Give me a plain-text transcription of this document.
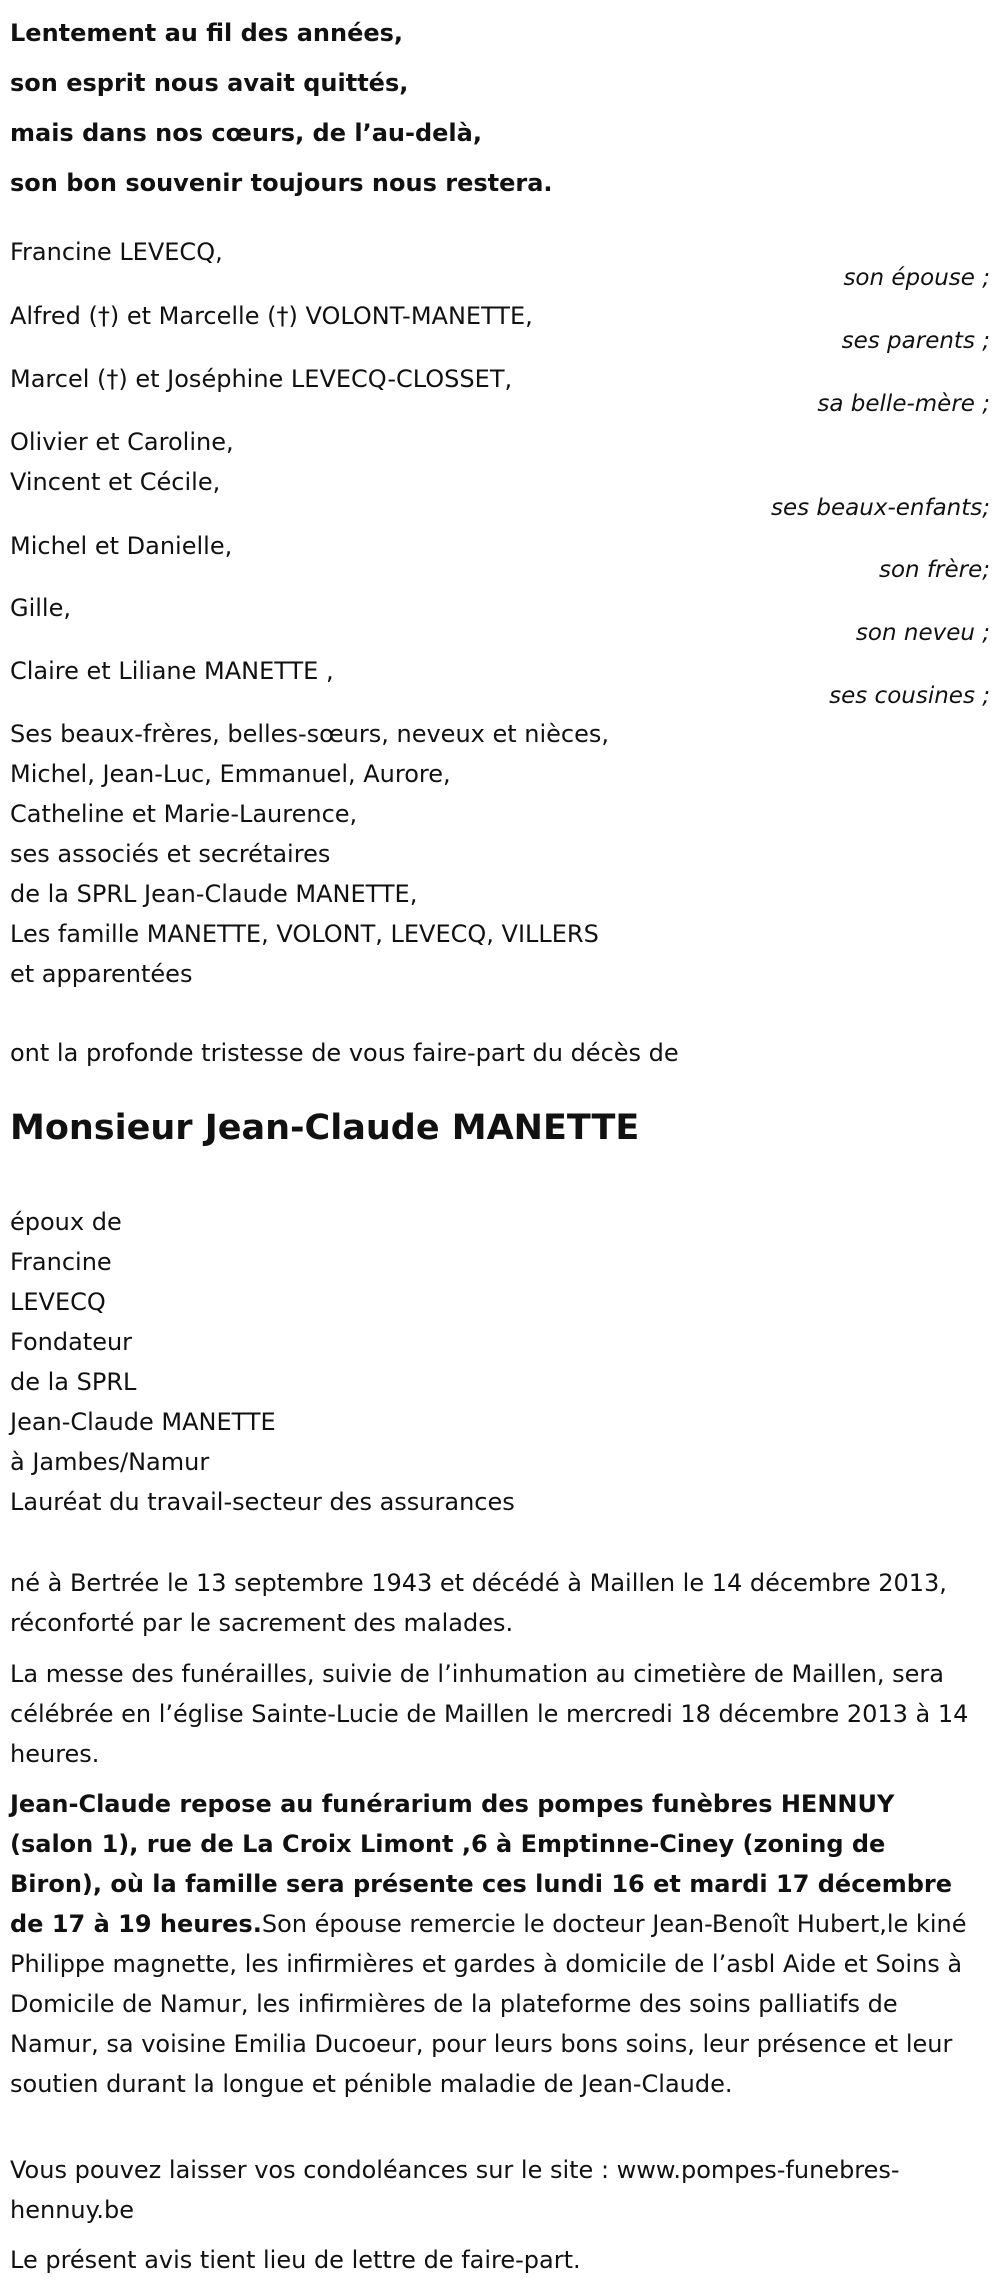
Lentement au fil des années,
son esprit nous avait quittés,
mais dans nos cœurs, de l’au-delà,
son bon souvenir toujours nous restera.
Francine LEVECQ,
son épouse ;
Alfred (†) et Marcelle (†) VOLONT-MANETTE,
ses parents ;
Marcel (†) et Joséphine LEVECQ-CLOSSET,
sa belle-mère ;
Olivier et Caroline,
Vincent et Cécile,
ses beaux-enfants;
Michel et Danielle,
son frère;
Gille,
son neveu ;
Claire et Liliane MANETTE ,
ses cousines ;
Ses beaux-frères, belles-sœurs, neveux et nièces,
Michel, Jean-Luc, Emmanuel, Aurore,
Catheline et Marie-Laurence,
ses associés et secrétaires
de la SPRL Jean-Claude MANETTE,
Les famille MANETTE, VOLONT, LEVECQ, VILLERS
et apparentées
ont la profonde tristesse de vous faire-part du décès de
Monsieur Jean-Claude MANETTE
époux de
Francine
LEVECQ
Fondateur
de la SPRL
Jean-Claude MANETTE
à Jambes/Namur
Lauréat du travail-secteur des assurances
né à Bertrée le 13 septembre 1943 et décédé à Maillen le 14 décembre 2013, réconforté par le sacrement des malades.
La messe des funérailles, suivie de l’inhumation au cimetière de Maillen, sera célébrée en l’église Sainte-Lucie de Maillen le mercredi 18 décembre 2013 à 14 heures.
Jean-Claude repose au funérarium des pompes funèbres HENNUY (salon 1), rue de La Croix Limont ,6 à Emptinne-Ciney (zoning de Biron), où la famille sera présente ces lundi 16 et mardi 17 décembre de 17 à 19 heures.Son épouse remercie le docteur Jean-Benoît Hubert,le kiné Philippe magnette, les infirmières et gardes à domicile de l’asbl Aide et Soins à Domicile de Namur, les infirmières de la plateforme des soins palliatifs de Namur, sa voisine Emilia Ducoeur, pour leurs bons soins, leur présence et leur soutien durant la longue et pénible maladie de Jean-Claude.
Vous pouvez laisser vos condoléances sur le site : www.pompes-funebres-hennuy.be
Le présent avis tient lieu de lettre de faire-part.
